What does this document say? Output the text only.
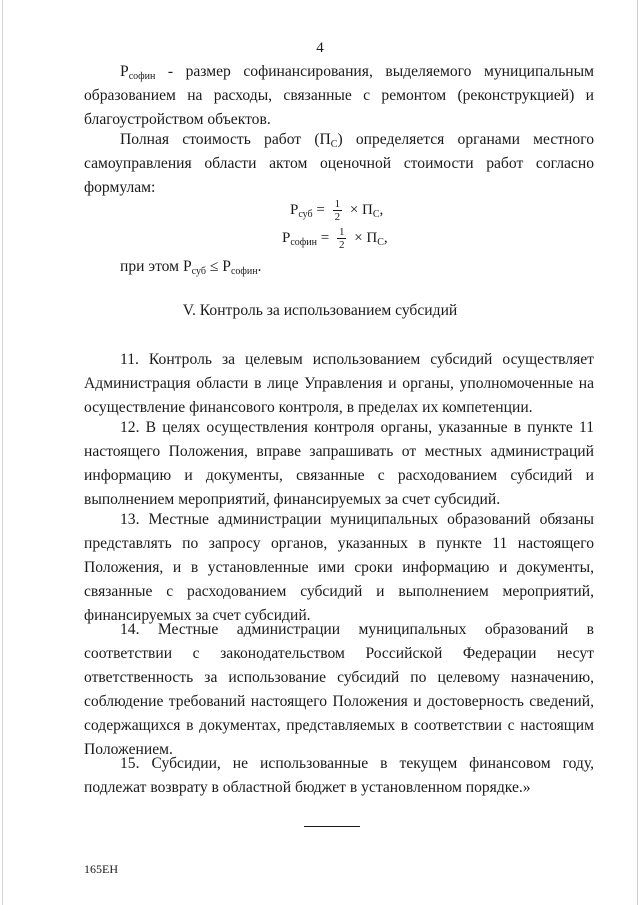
4

$P_{софин}$ - размер софинансирования, выделяемого муниципальным образованием на расходы, связанные с ремонтом (реконструкцией) и благоустройством объектов.

Полная стоимость работ $(П_С)$ определяется органами местного самоуправления области актом оценочной стоимости работ согласно формулам:

$Р_{суб} = \frac{1}{2} \times П_С$,
$Р_{софин} = \frac{1}{2} \times П_С$,
при этом $Р_{суб} \le Р_{софин}$.
V. Контроль за использованием субсидий

11. Контроль за целевым использованием субсидий осуществляет Администрация области в лице Управления и органы, уполномоченные на осуществление финансового контроля, в пределах их компетенции.

12. В целях осуществления контроля органы, указанные в пункте 11 настоящего Положения, вправе запрашивать от местных администраций информацию и документы, связанные с расходованием субсидий и выполнением мероприятий, финансируемых за счет субсидий.

13. Местные администрации муниципальных образований обязаны представлять по запросу органов, указанных в пункте 11 настоящего Положения, и в установленные ими сроки информацию и документы, связанные с расходованием субсидий и выполнением мероприятий, финансируемых за счет субсидий.

14. Местные администрации муниципальных образований в соответствии с законодательством Российской Федерации несут ответственность за использование субсидий по целевому назначению, соблюдение требований настоящего Положения и достоверность сведений, содержащихся в документах, представляемых в соответствии с настоящим Положением.

15. Субсидии, не использованные в текущем финансовом году, подлежат возврату в областной бюджет в установленном порядке.»

165ЕН
